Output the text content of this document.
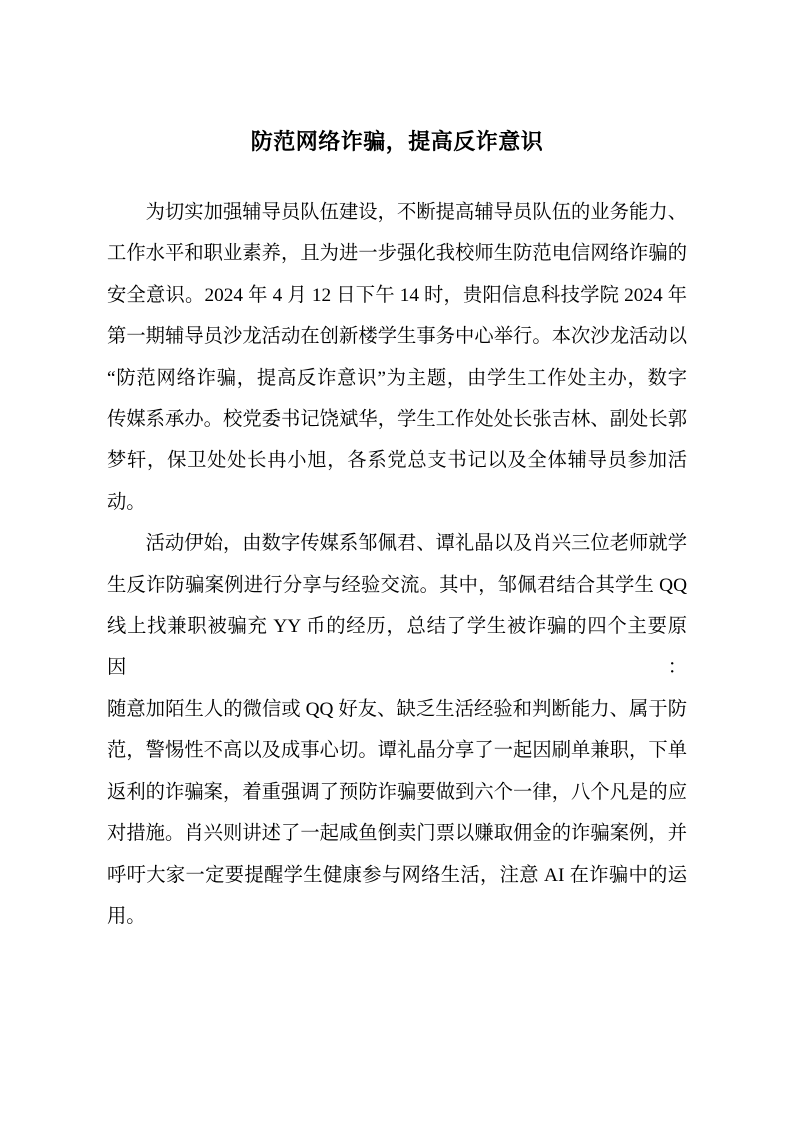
防范网络诈骗，提高反诈意识
为切实加强辅导员队伍建设，不断提高辅导员队伍的业务能力、
工作水平和职业素养，且为进一步强化我校师生防范电信网络诈骗的
安全意识。2024 年 4 月 12 日下午 14 时，贵阳信息科技学院 2024 年
第一期辅导员沙龙活动在创新楼学生事务中心举行。本次沙龙活动以
“防范网络诈骗，提高反诈意识”为主题，由学生工作处主办，数字
传媒系承办。校党委书记饶斌华，学生工作处处长张吉林、副处长郭
梦轩，保卫处处长冉小旭，各系党总支书记以及全体辅导员参加活动。
活动伊始，由数字传媒系邹佩君、谭礼晶以及肖兴三位老师就学
生反诈防骗案例进行分享与经验交流。其中，邹佩君结合其学生 QQ
线上找兼职被骗充 YY 币的经历，总结了学生被诈骗的四个主要原因：
随意加陌生人的微信或 QQ 好友、缺乏生活经验和判断能力、属于防
范，警惕性不高以及成事心切。谭礼晶分享了一起因刷单兼职，下单
返利的诈骗案，着重强调了预防诈骗要做到六个一律，八个凡是的应
对措施。肖兴则讲述了一起咸鱼倒卖门票以赚取佣金的诈骗案例，并
呼吁大家一定要提醒学生健康参与网络生活，注意 AI 在诈骗中的运
用。
